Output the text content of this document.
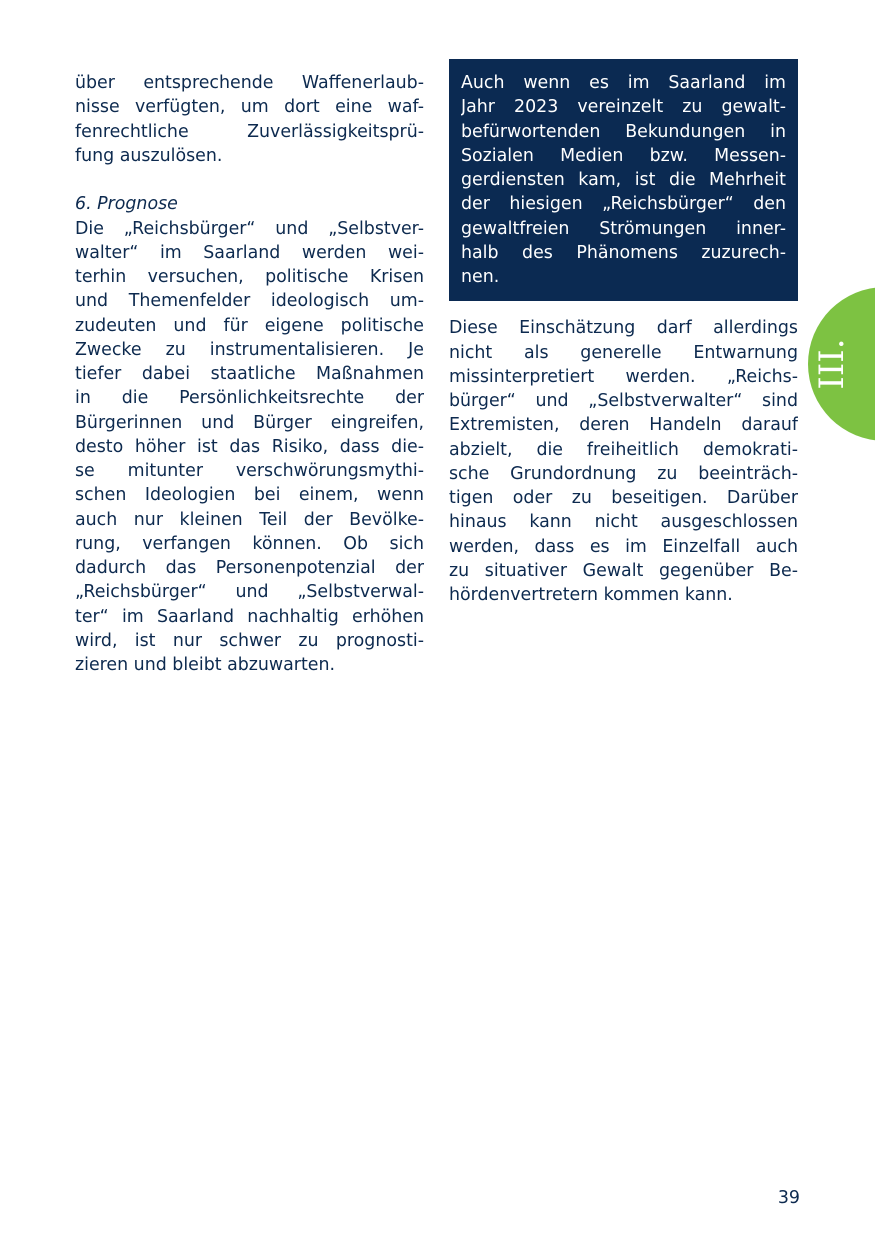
über entsprechende Waffenerlaub-
nisse verfügten, um dort eine waf-
fenrechtliche Zuverlässigkeitsprü-
fung auszulösen.
6. Prognose
Die „Reichsbürger“ und „Selbstver-
walter“ im Saarland werden wei-
terhin versuchen, politische Krisen
und Themenfelder ideologisch um-
zudeuten und für eigene politische
Zwecke zu instrumentalisieren. Je
tiefer dabei staatliche Maßnahmen
in die Persönlichkeitsrechte der
Bürgerinnen und Bürger eingreifen,
desto höher ist das Risiko, dass die-
se mitunter verschwörungsmythi-
schen Ideologien bei einem, wenn
auch nur kleinen Teil der Bevölke-
rung, verfangen können. Ob sich
dadurch das Personenpotenzial der
„Reichsbürger“ und „Selbstverwal-
ter“ im Saarland nachhaltig erhöhen
wird, ist nur schwer zu prognosti-
zieren und bleibt abzuwarten.
Auch wenn es im Saarland im
Jahr 2023 vereinzelt zu gewalt-
befürwortenden Bekundungen in
Sozialen Medien bzw. Messen-
gerdiensten kam, ist die Mehrheit
der hiesigen „Reichsbürger“ den
gewaltfreien Strömungen inner-
halb des Phänomens zuzurech-
nen.
Diese Einschätzung darf allerdings
nicht als generelle Entwarnung
missinterpretiert werden. „Reichs-
bürger“ und „Selbstverwalter“ sind
Extremisten, deren Handeln darauf
abzielt, die freiheitlich demokrati-
sche Grundordnung zu beeinträch-
tigen oder zu beseitigen. Darüber
hinaus kann nicht ausgeschlossen
werden, dass es im Einzelfall auch
zu situativer Gewalt gegenüber Be-
hördenvertretern kommen kann.
III.
39
